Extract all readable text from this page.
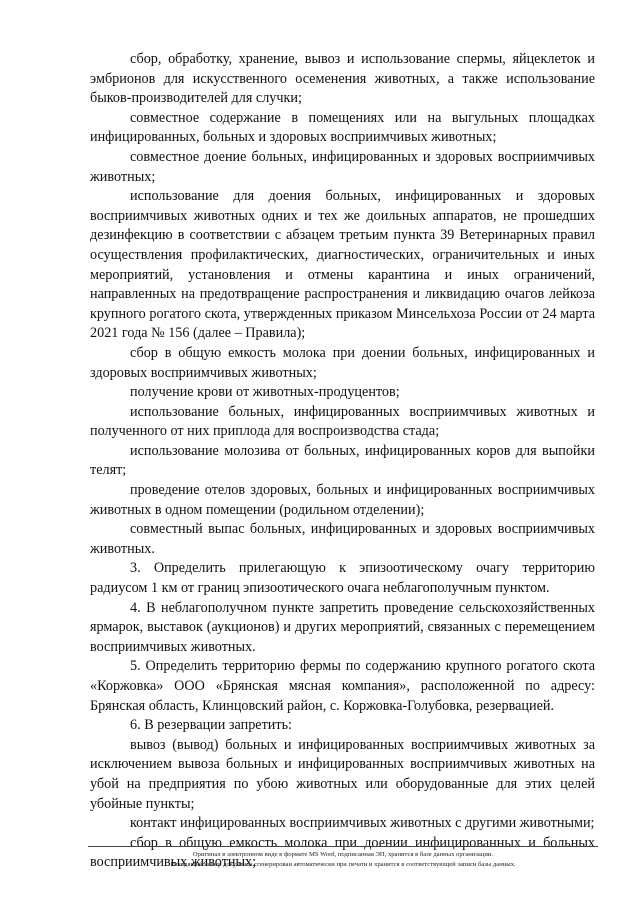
сбор, обработку, хранение, вывоз и использование спермы, яйцеклеток и эмбрионов для искусственного осеменения животных, а также использование быков-производителей для случки;

совместное содержание в помещениях или на выгульных площадках инфицированных, больных и здоровых восприимчивых животных;

совместное доение больных, инфицированных и здоровых восприимчивых животных;

использование для доения больных, инфицированных и здоровых восприимчивых животных одних и тех же доильных аппаратов, не прошедших дезинфекцию в соответствии с абзацем третьим пункта 39 Ветеринарных правил осуществления профилактических, диагностических, ограничительных и иных мероприятий, установления и отмены карантина и иных ограничений, направленных на предотвращение распространения и ликвидацию очагов лейкоза крупного рогатого скота, утвержденных приказом Минсельхоза России от 24 марта 2021 года № 156 (далее – Правила);

сбор в общую емкость молока при доении больных, инфицированных и здоровых восприимчивых животных;

получение крови от животных-продуцентов;

использование больных, инфицированных восприимчивых животных и полученного от них приплода для воспроизводства стада;

использование молозива от больных, инфицированных коров для выпойки телят;

проведение отелов здоровых, больных и инфицированных восприимчивых животных в одном помещении (родильном отделении);

совместный выпас больных, инфицированных и здоровых восприимчивых животных.

3. Определить прилегающую к эпизоотическому очагу территорию радиусом 1 км от границ эпизоотического очага неблагополучным пунктом.

4. В неблагополучном пункте запретить проведение сельскохозяйственных ярмарок, выставок (аукционов) и других мероприятий, связанных с перемещением восприимчивых животных.

5. Определить территорию фермы по содержанию крупного рогатого скота «Коржовка» ООО «Брянская мясная компания», расположенной по адресу: Брянская область, Клинцовский район, с. Коржовка-Голубовка, резервацией.

6. В резервации запретить:

вывоз (вывод) больных и инфицированных восприимчивых животных за исключением вывоза больных и инфицированных восприимчивых животных на убой на предприятия по убою животных или оборудованные для этих целей убойные пункты;

контакт инфицированных восприимчивых животных с другими животными;

сбор в общую емкость молока при доении инфицированных и больных восприимчивых животных;

Оригинал в электронном виде в формате MS Word, подписанная ЭП, хранится в базе данных организации.
Исходящий номер документа сгенерирован автоматически при печати и хранится в соответствующей записи базы данных.
